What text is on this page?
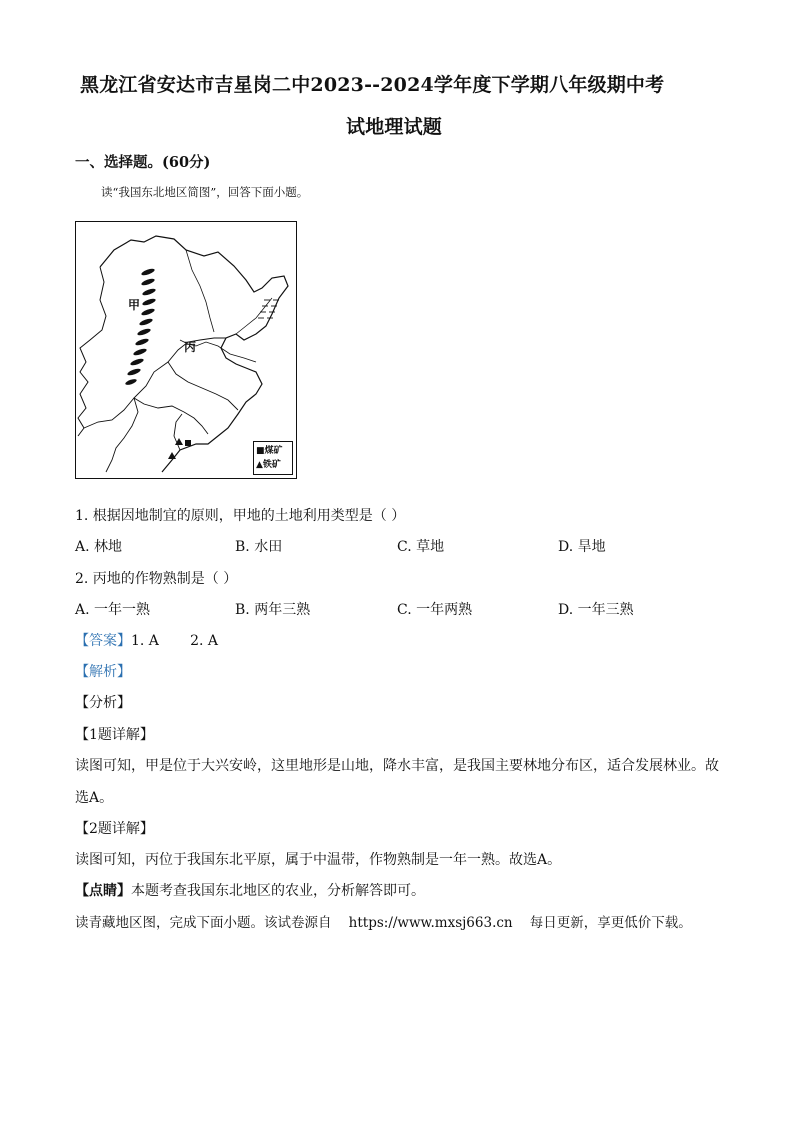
黑龙江省安达市吉星岗二中2023--2024学年度下学期八年级期中考
试地理试题
一、选择题。(60分)
读“我国东北地区简图”，回答下面小题。
甲
丙
■煤矿
▲铁矿
1. 根据因地制宜的原则，甲地的土地利用类型是（ ）
A. 林地	B. 水田	C. 草地	D. 旱地
2. 丙地的作物熟制是（ ）
A. 一年一熟	B. 两年三熟	C. 一年两熟	D. 一年三熟
【答案】1. A       2. A
【解析】
【分析】
【1题详解】
读图可知，甲是位于大兴安岭，这里地形是山地，降水丰富，是我国主要林地分布区，适合发展林业。故
选A。
【2题详解】
读图可知，丙位于我国东北平原，属于中温带，作物熟制是一年一熟。故选A。
【点睛】本题考查我国东北地区的农业，分析解答即可。
读青藏地区图，完成下面小题。该试卷源自    https://www.mxsj663.cn    每日更新，享更低价下载。
